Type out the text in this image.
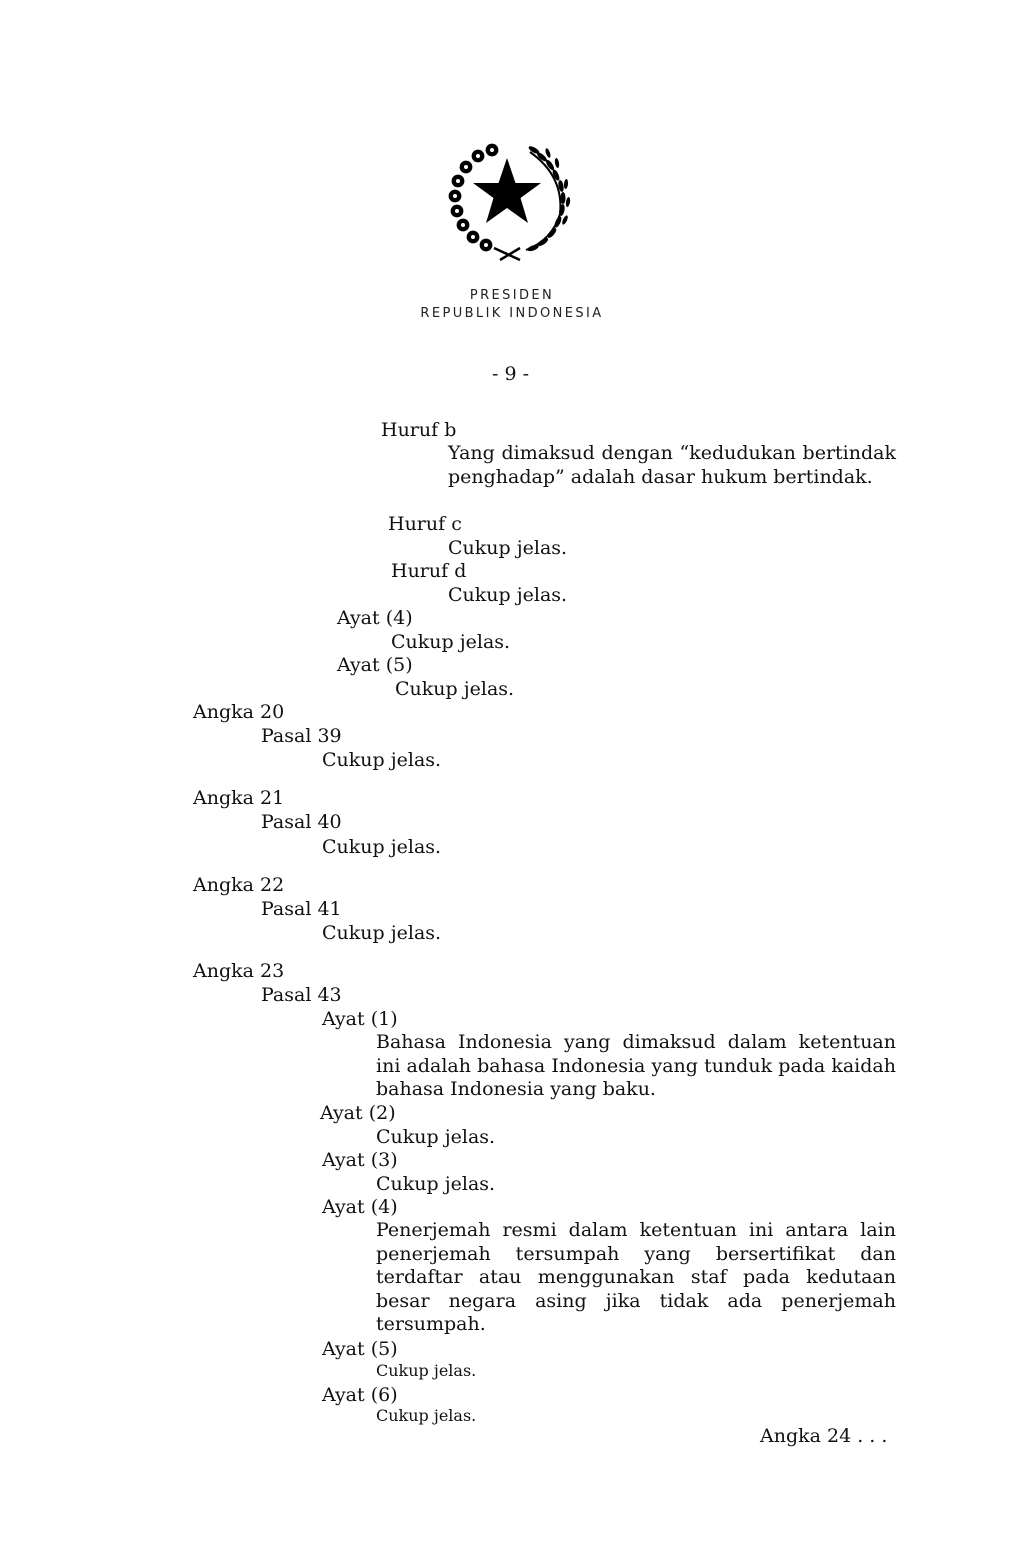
PRESIDEN
REPUBLIK INDONESIA
- 9 -
Huruf b
Yang dimaksud dengan “kedudukan bertindak penghadap” adalah dasar hukum bertindak.
Huruf c
Cukup jelas.
Huruf d
Cukup jelas.
Ayat (4)
Cukup jelas.
Ayat (5)
Cukup jelas.
Angka 20
Pasal 39
Cukup jelas.
Angka 21
Pasal 40
Cukup jelas.
Angka 22
Pasal 41
Cukup jelas.
Angka 23
Pasal 43
Ayat (1)
Bahasa Indonesia yang dimaksud dalam ketentuan ini adalah bahasa Indonesia yang tunduk pada kaidah bahasa Indonesia yang baku.
Ayat (2)
Cukup jelas.
Ayat (3)
Cukup jelas.
Ayat (4)
Penerjemah resmi dalam ketentuan ini antara lain penerjemah tersumpah yang bersertifikat dan terdaftar atau menggunakan staf pada kedutaan besar negara asing jika tidak ada penerjemah tersumpah.
Ayat (5)
Cukup jelas.
Ayat (6)
Cukup jelas.
Angka 24 . . .
